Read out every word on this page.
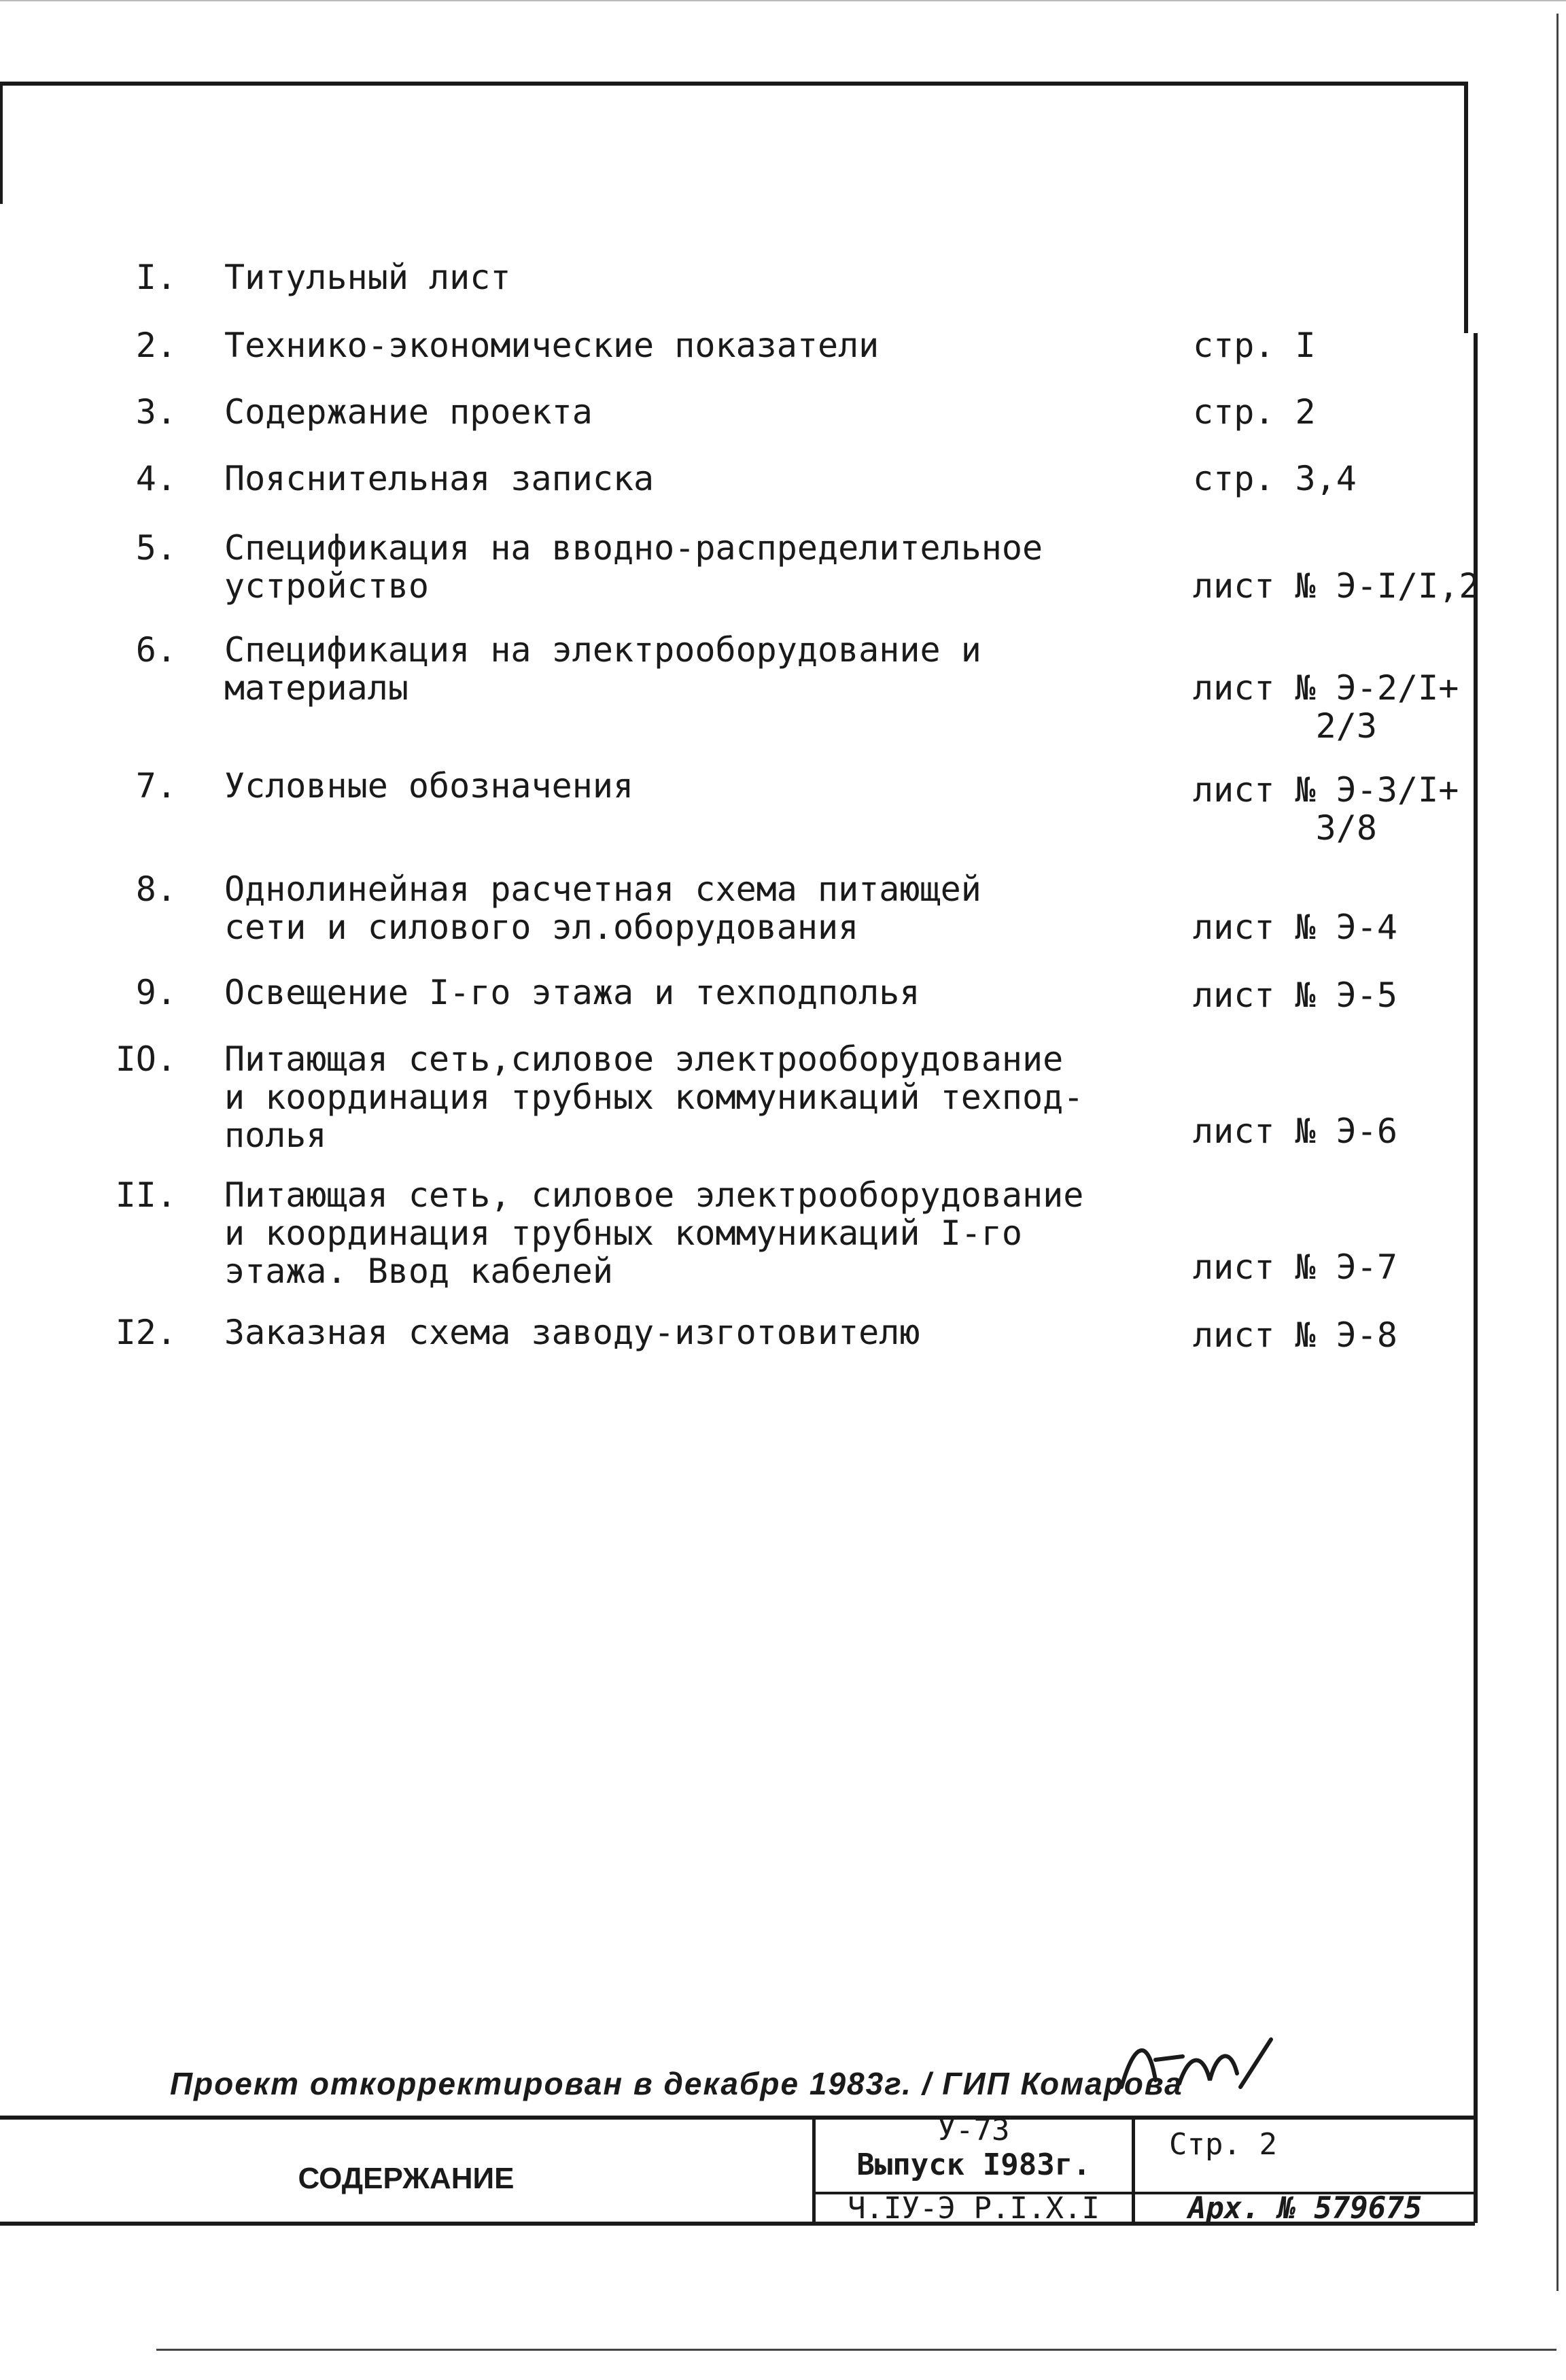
I. Титульный лист
2. Технико-экономические показатели	стр. I
3. Содержание проекта	стр. 2
4. Пояснительная записка	стр. 3,4
5. Спецификация на вводно-распределительное
устройство	лист № Э-I/I,2
6. Спецификация на электрооборудование и
материалы	лист № Э-2/I+
2/3
7. Условные обозначения	лист № Э-3/I+
3/8
8. Однолинейная расчетная схема питающей
сети и силового эл.оборудования	лист № Э-4
9. Освещение I-го этажа и техподполья	лист № Э-5
IO. Питающая сеть,силовое электрооборудование
и координация трубных коммуникаций техпод-
полья	лист № Э-6
II. Питающая сеть, силовое электрооборудование
и координация трубных коммуникаций I-го
этажа. Ввод кабелей	лист № Э-7
I2. Заказная схема заводу-изготовителю	лист № Э-8
Проект откорректирован в декабре 1983г. / ГИП Комарова
СОДЕРЖАНИЕ
У-73
Выпуск I983г.
Ч.IУ-Э Р.I.Х.I
Стр. 2
Арх. № 579675
